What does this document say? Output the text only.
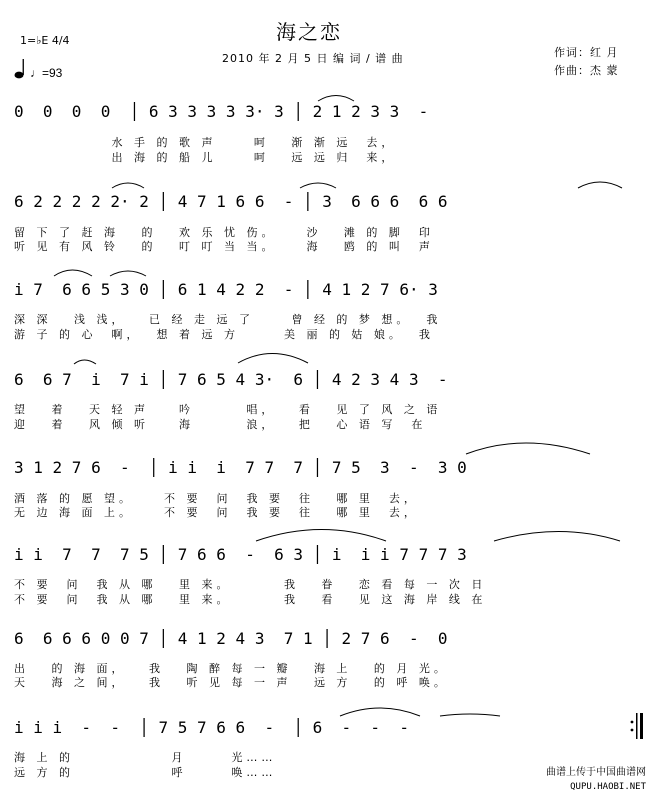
海之恋
2010 年 2 月 5 日 编 词 / 谱 曲	作词：红 月
作曲：杰 蒙
1=♭E 4/4
♩=93
0  0  0  0  │ 6 3 3 3 3 3· 3 │ 2 1 2 3 3  -
水 手 的 歌 声     呵   渐 渐 远  去，
出 海 的 船 儿     呵   远 远 归  来，
6 2 2 2 2 2· 2 │ 4 7 1 6 6  - │ 3  6 6 6  6 6
留 下 了 赶 海   的   欢 乐 忧 伤。    沙   滩 的 脚  印
听 见 有 风 铃   的   叮 叮 当 当。    海   鸥 的 叫  声
i 7  6 6 5 3 0 │ 6 1 4 2 2  - │ 4 1 2 7 6· 3
深 深   浅 浅，   已 经 走 远 了     曾 经 的 梦 想。  我
游 子 的 心  啊，  想 着 远 方      美 丽 的 姑 娘。  我
6  6 7  i  7 i │ 7 6 5 4 3·  6 │ 4 2 3 4 3  -
望   着   天 轻 声    吟       唱，   看   见 了 风 之 语
迎   着   风 倾 听    海       浪，   把   心 语 写  在
3 1 2 7 6  -  │ i i  i  7 7  7 │ 7 5  3  -  3 0
酒 落 的 愿 望。    不 要  问  我 要  往   哪 里  去，
无 边 海 面 上。    不 要  问  我 要  往   哪 里  去，
i i  7  7  7 5 │ 7 6 6  -  6 3 │ i  i i 7 7 7 3
不 要  问  我 从 哪   里 来。       我   眷   恋 看 每 一 次 日
不 要  问  我 从 哪   里 来。       我   看   见 这 海 岸 线 在
6  6 6 6 0 0 7 │ 4 1 2 4 3  7 1 │ 2 7 6  -  0
出   的 海 面，   我   陶 醉 每 一 瓣   海 上   的 月 光。
天   海 之 间，   我   听 见 每 一 声   远 方   的 呼 唤。
i i i  -  -  │ 7 5 7 6 6  -  │ 6  -  -  -
海 上 的             月      光……
远 方 的             呼      唤……	曲谱上传于中国曲谱网
QUPU.HAOBI.NET
